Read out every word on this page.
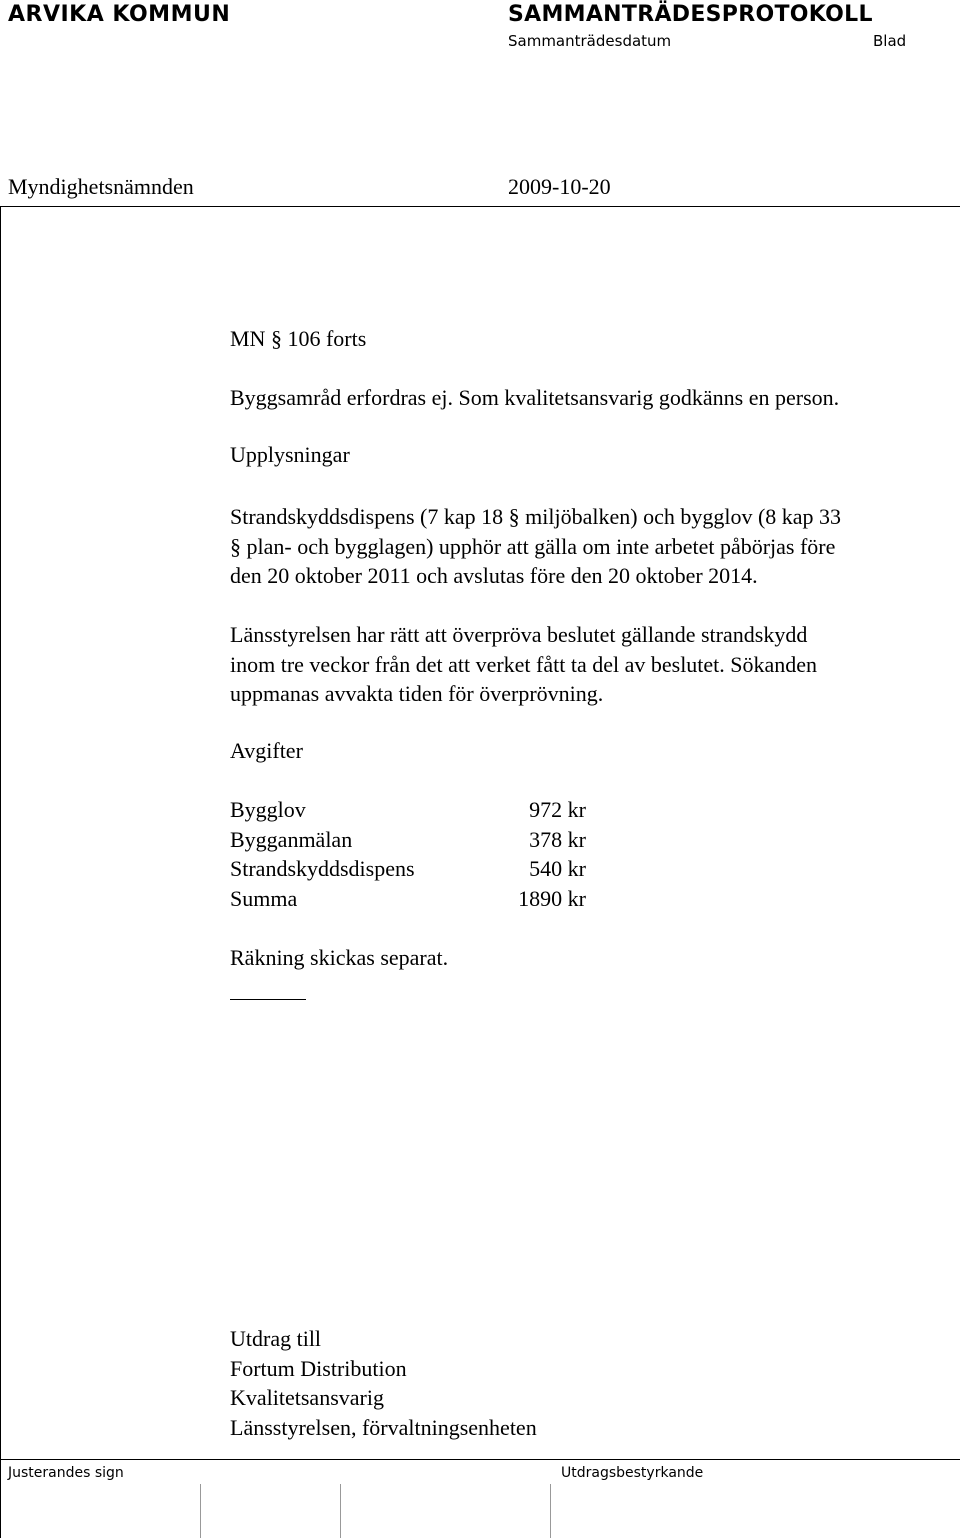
ARVIKA KOMMUN	SAMMANTRÄDESPROTOKOLL
Sammanträdesdatum	Blad
Myndighetsnämnden	2009-10-20
MN § 106 forts
Byggsamråd erfordras ej. Som kvalitetsansvarig godkänns en person.
Upplysningar
Strandskyddsdispens (7 kap 18 § miljöbalken) och bygglov (8 kap 33
§ plan- och bygglagen) upphör att gälla om inte arbetet påbörjas före
den 20 oktober 2011 och avslutas före den 20 oktober 2014.
Länsstyrelsen har rätt att överpröva beslutet gällande strandskydd
inom tre veckor från det att verket fått ta del av beslutet. Sökanden
uppmanas avvakta tiden för överprövning.
Avgifter
Bygglov	972 kr
Bygganmälan	378 kr
Strandskyddsdispens	540 kr
Summa	1890 kr
Räkning skickas separat.
Utdrag till
Fortum Distribution
Kvalitetsansvarig
Länsstyrelsen, förvaltningsenheten
Justerandes sign	Utdragsbestyrkande
